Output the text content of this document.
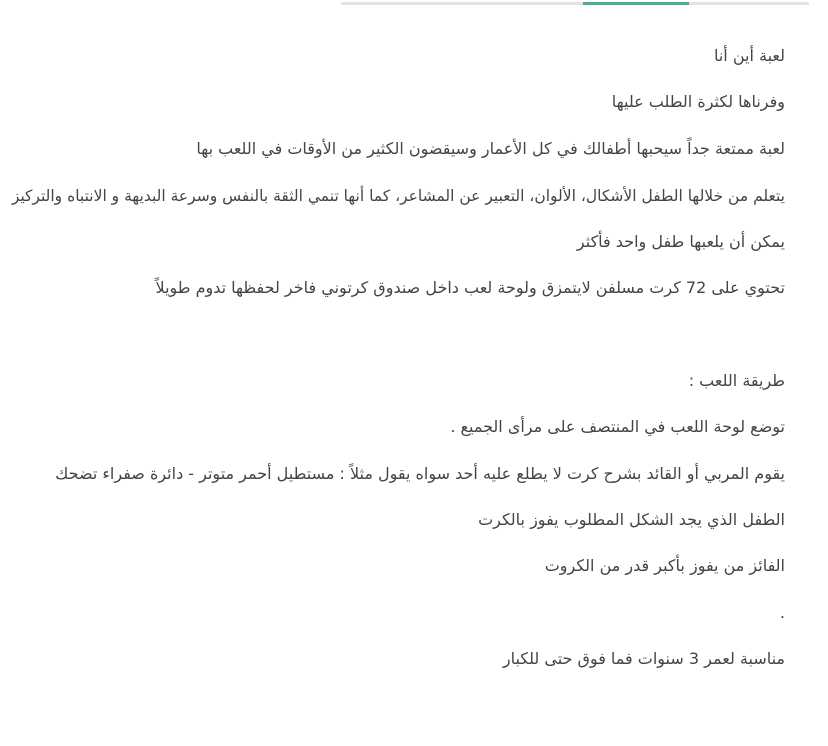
لعبة أين أنا
وفرناها لكثرة الطلب عليها
لعبة ممتعة جداً سيحبها أطفالك في كل الأعمار وسيقضون الكثير من الأوقات في اللعب بها
يتعلم من خلالها الطفل الأشكال، الألوان، التعبير عن المشاعر، كما أنها تنمي الثقة بالنفس وسرعة البديهة و الانتباه والتركيز
يمكن أن يلعبها طفل واحد فأكثر
تحتوي على 72 كرت مسلفن لايتمزق ولوحة لعب داخل صندوق كرتوني فاخر لحفظها تدوم طويلاً
طريقة اللعب :
توضع لوحة اللعب في المنتصف على مرأى الجميع .
يقوم المربي أو القائد بشرح كرت لا يطلع عليه أحد سواه يقول مثلاً : مستطيل أحمر متوتر - دائرة صفراء تضحك
الطفل الذي يجد الشكل المطلوب يفوز بالكرت
الفائز من يفوز بأكبر قدر من الكروت
.
مناسبة لعمر 3 سنوات فما فوق حتى للكبار
